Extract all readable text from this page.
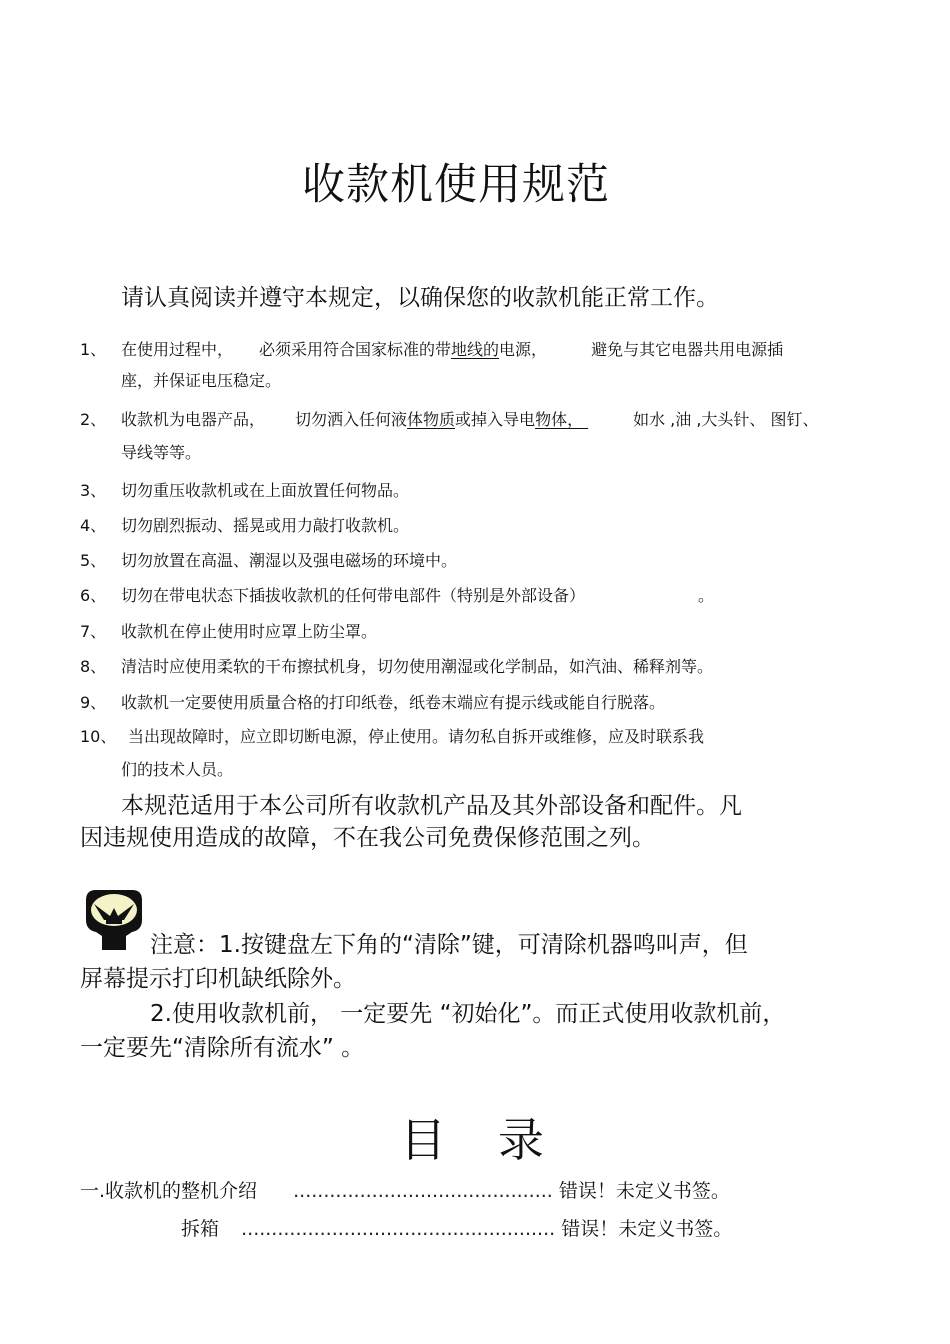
收款机使用规范
请认真阅读并遵守本规定，以确保您的收款机能正常工作。
1、 在使用过程中， 必须采用符合国家标准的带地线的电源，	避免与其它电器共用电源插
座，并保证电压稳定。
2、 收款机为电器产品， 切勿洒入任何液体物质或掉入导电物体，	如水 ,油 ,大头针、 图钉、
导线等等。
3、 切勿重压收款机或在上面放置任何物品。
4、 切勿剧烈振动、摇晃或用力敲打收款机。
5、 切勿放置在高温、潮湿以及强电磁场的环境中。
6、 切勿在带电状态下插拔收款机的任何带电部件（特别是外部设备）	。
7、 收款机在停止使用时应罩上防尘罩。
8、 清洁时应使用柔软的干布擦拭机身，切勿使用潮湿或化学制品，如汽油、稀释剂等。
9、 收款机一定要使用质量合格的打印纸卷，纸卷末端应有提示线或能自行脱落。
10、 当出现故障时，应立即切断电源，停止使用。请勿私自拆开或维修，应及时联系我
们的技术人员。
本规范适用于本公司所有收款机产品及其外部设备和配件。凡
因违规使用造成的故障，不在我公司免费保修范围之列。
注意：1.按键盘左下角的“清除”键，可清除机器鸣叫声，但
屏幕提示打印机缺纸除外。
2.使用收款机前， 一定要先 “初始化”。而正式使用收款机前，
一定要先“清除所有流水” 。
目录
一.收款机的整机介绍 ........................................... 错误！未定义书签。
拆箱 .................................................... 错误！未定义书签。
